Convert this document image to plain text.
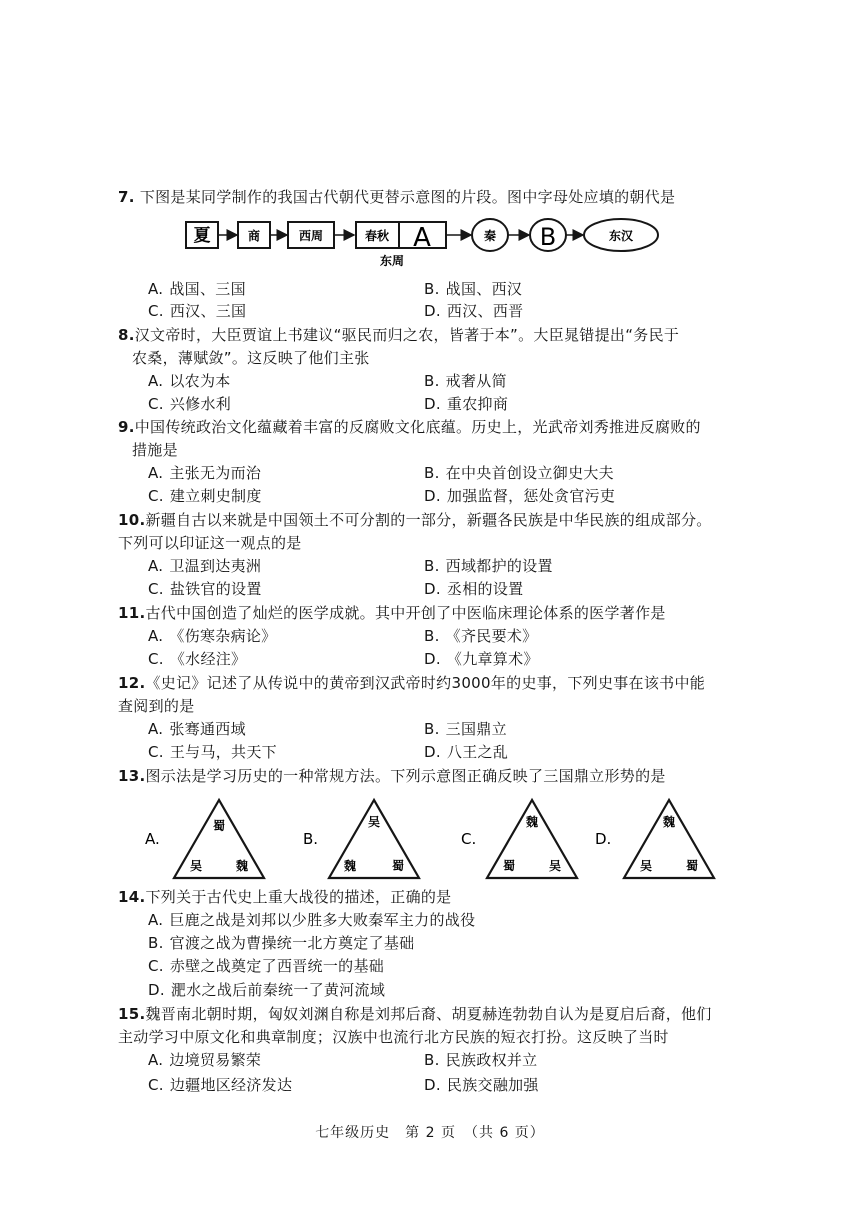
7. 下图是某同学制作的我国古代朝代更替示意图的片段。图中字母处应填的朝代是
夏	商	西周	春秋 A
东周
秦 B	东汉
A. 战国、三国	B. 战国、西汉
C. 西汉、三国	D. 西汉、西晋
8.汉文帝时，大臣贾谊上书建议“驱民而归之农，皆著于本”。大臣晁错提出“务民于
农桑，薄赋敛”。这反映了他们主张
A. 以农为本	B. 戒奢从简
C. 兴修水利	D. 重农抑商
9.中国传统政治文化蕴藏着丰富的反腐败文化底蕴。历史上，光武帝刘秀推进反腐败的
措施是
A. 主张无为而治	B. 在中央首创设立御史大夫
C. 建立刺史制度	D. 加强监督，惩处贪官污吏
10.新疆自古以来就是中国领土不可分割的一部分，新疆各民族是中华民族的组成部分。
下列可以印证这一观点的是
A. 卫温到达夷洲	B. 西域都护的设置
C. 盐铁官的设置	D. 丞相的设置
11.古代中国创造了灿烂的医学成就。其中开创了中医临床理论体系的医学著作是
A. 《伤寒杂病论》	B. 《齐民要术》
C. 《水经注》	D. 《九章算术》
12.《史记》记述了从传说中的黄帝到汉武帝时约3000年的史事，下列史事在该书中能
查阅到的是
A. 张骞通西域	B. 三国鼎立
C. 王与马，共天下	D. 八王之乱
13.图示法是学习历史的一种常规方法。下列示意图正确反映了三国鼎立形势的是
A.
蜀
吴	魏
B.
吴
魏	蜀
C.
魏
蜀	吴
D.
魏
吴	蜀
14.下列关于古代史上重大战役的描述，正确的是
A. 巨鹿之战是刘邦以少胜多大败秦军主力的战役
B. 官渡之战为曹操统一北方奠定了基础
C. 赤壁之战奠定了西晋统一的基础
D. 淝水之战后前秦统一了黄河流域
15.魏晋南北朝时期，匈奴刘渊自称是刘邦后裔、胡夏赫连勃勃自认为是夏启后裔，他们
主动学习中原文化和典章制度；汉族中也流行北方民族的短衣打扮。这反映了当时
A. 边境贸易繁荣	B. 民族政权并立
C. 边疆地区经济发达	D. 民族交融加强
七年级历史　第 2 页　（共 6 页）
